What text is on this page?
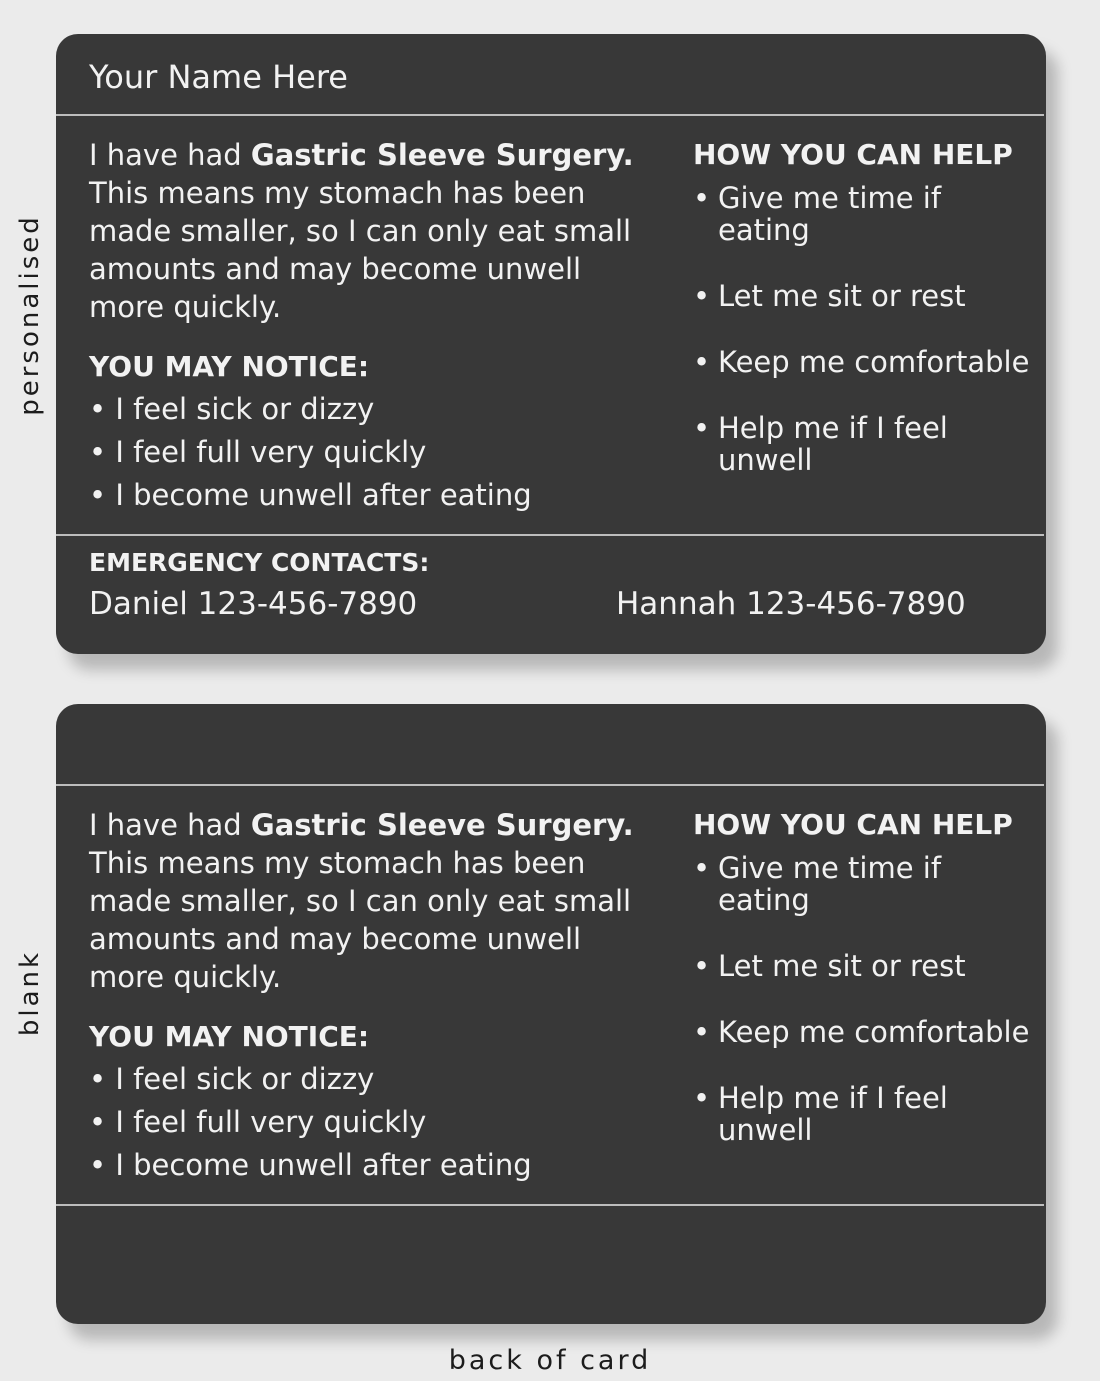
personalised
blank
Your Name Here

I have had Gastric Sleeve Surgery. This means my stomach has been made smaller, so I can only eat small amounts and may become unwell more quickly.

YOU MAY NOTICE:
• I feel sick or dizzy
• I feel full very quickly
• I become unwell after eating
HOW YOU CAN HELP
• Give me time if eating
• Let me sit or rest
• Keep me comfortable
• Help me if I feel unwell
EMERGENCY CONTACTS:
Daniel 123-456-7890	Hannah 123-456-7890

I have had Gastric Sleeve Surgery. This means my stomach has been made smaller, so I can only eat small amounts and may become unwell more quickly.

YOU MAY NOTICE:
• I feel sick or dizzy
• I feel full very quickly
• I become unwell after eating
HOW YOU CAN HELP
• Give me time if eating
• Let me sit or rest
• Keep me comfortable
• Help me if I feel unwell
back of card
